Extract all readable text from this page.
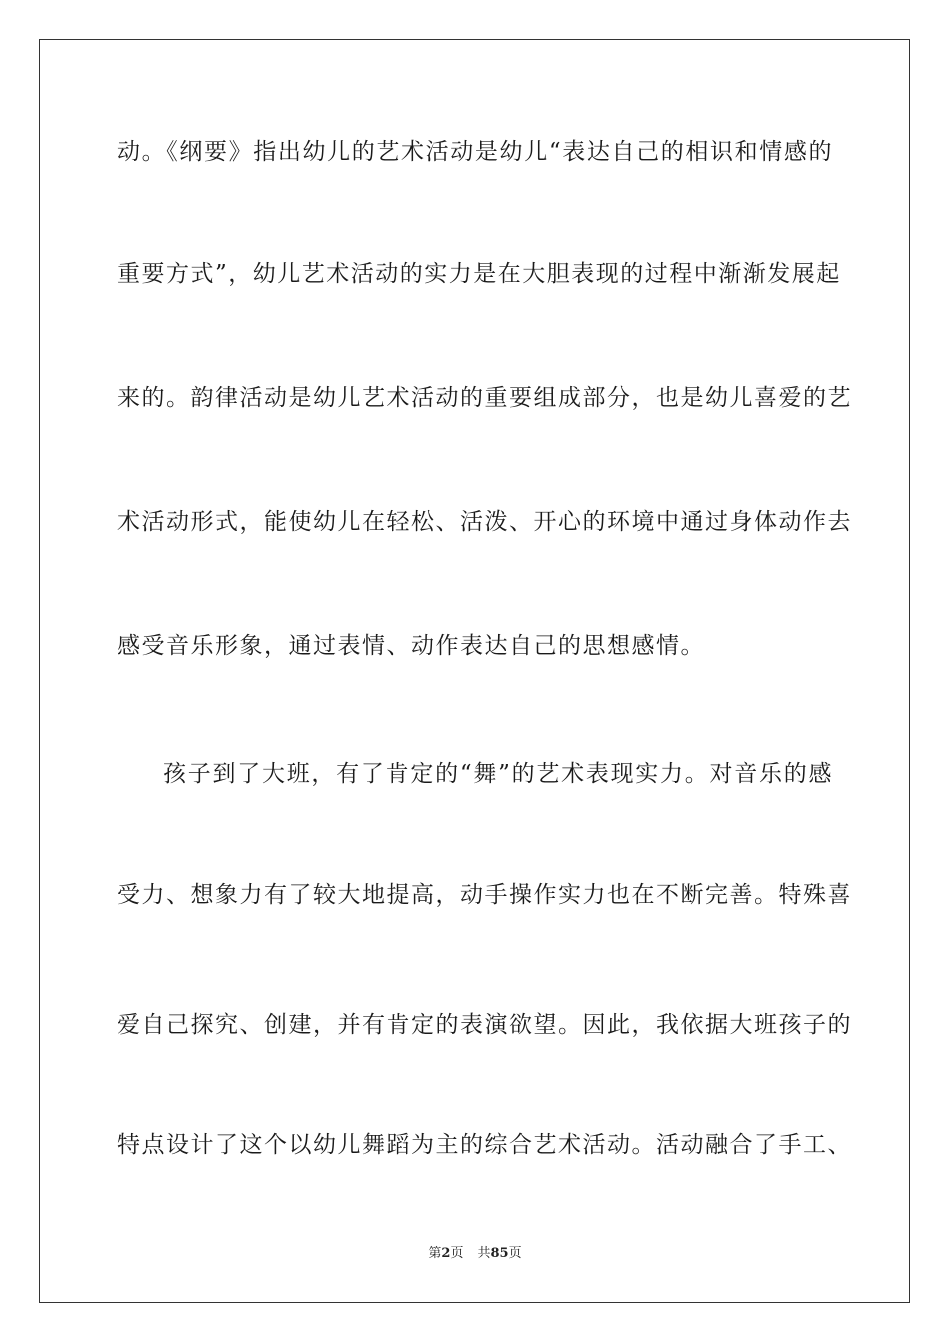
动。《纲要》指出幼儿的艺术活动是幼儿“表达自己的相识和情感的
重要方式”，幼儿艺术活动的实力是在大胆表现的过程中渐渐发展起
来的。韵律活动是幼儿艺术活动的重要组成部分，也是幼儿喜爱的艺
术活动形式，能使幼儿在轻松、活泼、开心的环境中通过身体动作去
感受音乐形象，通过表情、动作表达自己的思想感情。
孩子到了大班，有了肯定的“舞”的艺术表现实力。对音乐的感
受力、想象力有了较大地提高，动手操作实力也在不断完善。特殊喜
爱自己探究、创建，并有肯定的表演欲望。因此，我依据大班孩子的
特点设计了这个以幼儿舞蹈为主的综合艺术活动。活动融合了手工、
第2页 共85页
